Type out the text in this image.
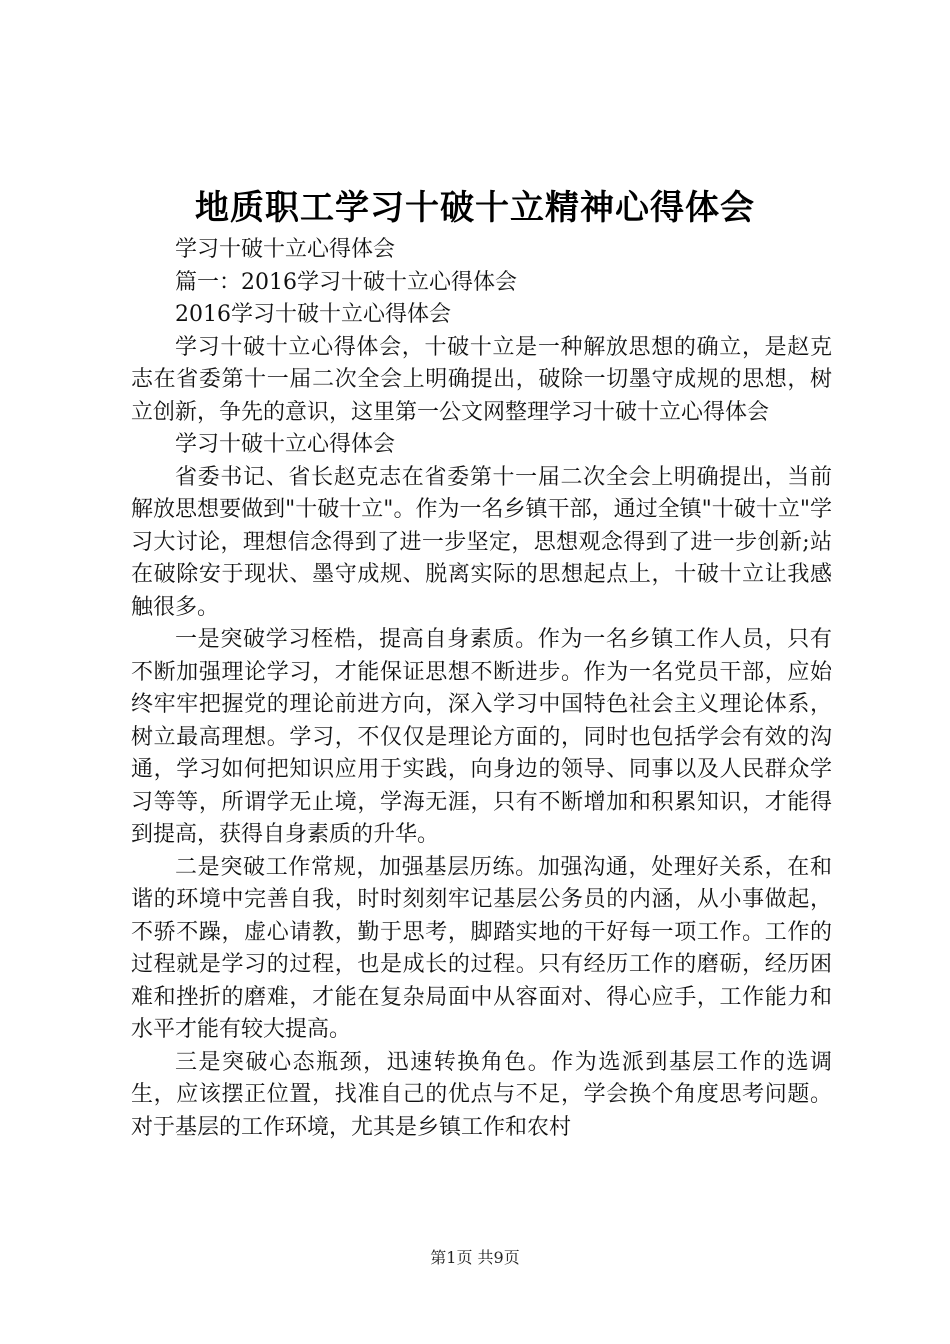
地质职工学习十破十立精神心得体会

学习十破十立心得体会

篇一：2016学习十破十立心得体会

2016学习十破十立心得体会

学习十破十立心得体会，十破十立是一种解放思想的确立，是赵克志在省委第十一届二次全会上明确提出，破除一切墨守成规的思想，树立创新，争先的意识，这里第一公文网整理学习十破十立心得体会

学习十破十立心得体会

省委书记、省长赵克志在省委第十一届二次全会上明确提出，当前解放思想要做到"十破十立"。作为一名乡镇干部，通过全镇"十破十立"学习大讨论，理想信念得到了进一步坚定，思想观念得到了进一步创新;站在破除安于现状、墨守成规、脱离实际的思想起点上，十破十立让我感触很多。

一是突破学习桎梏，提高自身素质。作为一名乡镇工作人员，只有不断加强理论学习，才能保证思想不断进步。作为一名党员干部，应始终牢牢把握党的理论前进方向，深入学习中国特色社会主义理论体系，树立最高理想。学习，不仅仅是理论方面的，同时也包括学会有效的沟通，学习如何把知识应用于实践，向身边的领导、同事以及人民群众学习等等，所谓学无止境，学海无涯，只有不断增加和积累知识，才能得到提高，获得自身素质的升华。

二是突破工作常规，加强基层历练。加强沟通，处理好关系，在和谐的环境中完善自我，时时刻刻牢记基层公务员的内涵，从小事做起，不骄不躁，虚心请教，勤于思考，脚踏实地的干好每一项工作。工作的过程就是学习的过程，也是成长的过程。只有经历工作的磨砺，经历困难和挫折的磨难，才能在复杂局面中从容面对、得心应手，工作能力和水平才能有较大提高。

三是突破心态瓶颈，迅速转换角色。作为选派到基层工作的选调生，应该摆正位置，找准自己的优点与不足，学会换个角度思考问题。对于基层的工作环境，尤其是乡镇工作和农村

第1页 共9页
